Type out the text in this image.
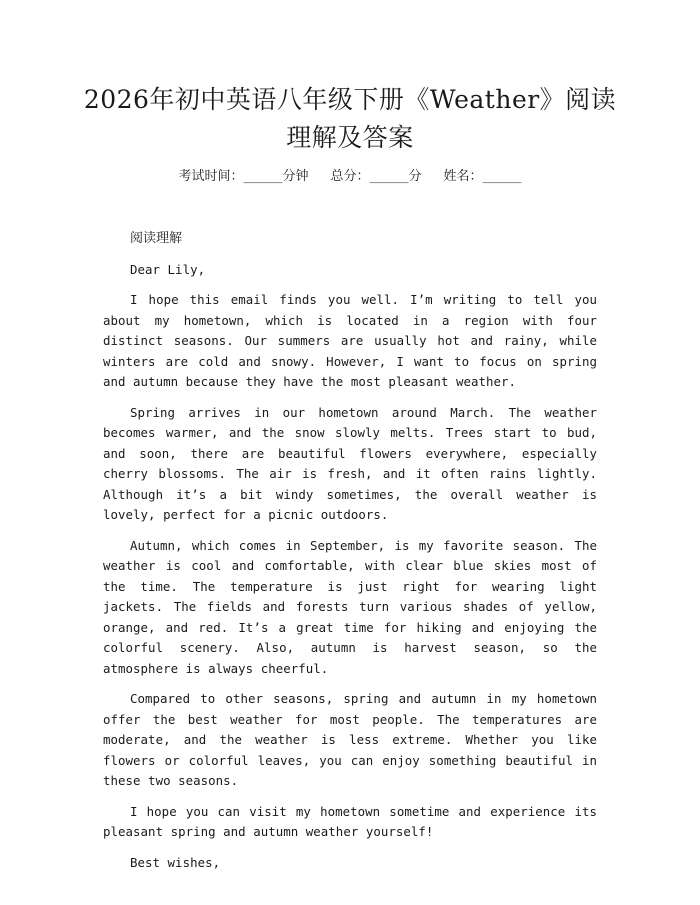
2026年初中英语八年级下册《Weather》阅读理解及答案
考试时间：______分钟 总分：______分 姓名：______

阅读理解

Dear Lily,

I hope this email finds you well. I’m writing to tell you about my hometown, which is located in a region with four distinct seasons. Our summers are usually hot and rainy, while winters are cold and snowy. However, I want to focus on spring and autumn because they have the most pleasant weather.

Spring arrives in our hometown around March. The weather becomes warmer, and the snow slowly melts. Trees start to bud, and soon, there are beautiful flowers everywhere, especially cherry blossoms. The air is fresh, and it often rains lightly. Although it’s a bit windy sometimes, the overall weather is lovely, perfect for a picnic outdoors.

Autumn, which comes in September, is my favorite season. The weather is cool and comfortable, with clear blue skies most of the time. The temperature is just right for wearing light jackets. The fields and forests turn various shades of yellow, orange, and red. It’s a great time for hiking and enjoying the colorful scenery. Also, autumn is harvest season, so the atmosphere is always cheerful.

Compared to other seasons, spring and autumn in my hometown offer the best weather for most people. The temperatures are moderate, and the weather is less extreme. Whether you like flowers or colorful leaves, you can enjoy something beautiful in these two seasons.

I hope you can visit my hometown sometime and experience its pleasant spring and autumn weather yourself!

Best wishes,
